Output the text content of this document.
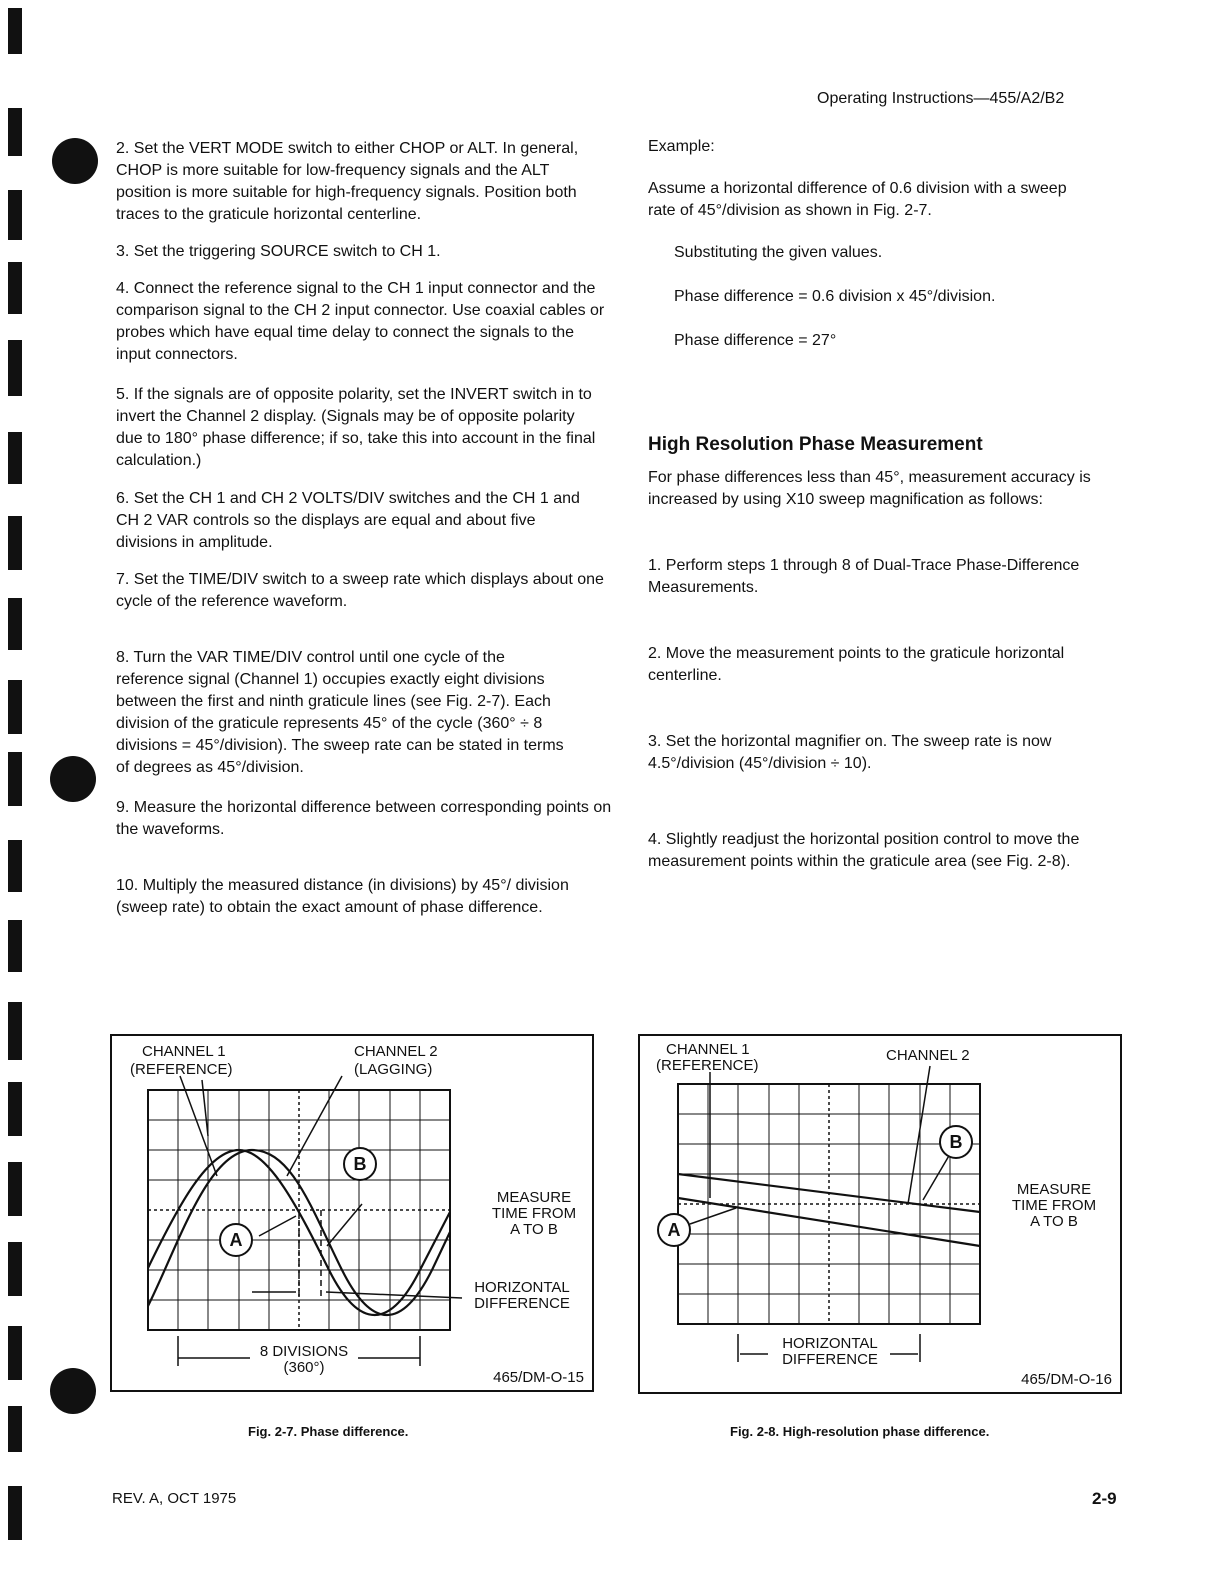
Operating Instructions—455/A2/B2

2. Set the VERT MODE switch to either CHOP or ALT. In general, CHOP is more suitable for low-frequency signals and the ALT position is more suitable for high-frequency signals. Position both traces to the graticule horizontal centerline.

3. Set the triggering SOURCE switch to CH 1.

4. Connect the reference signal to the CH 1 input connector and the comparison signal to the CH 2 input connector. Use coaxial cables or probes which have equal time delay to connect the signals to the input connectors.

5. If the signals are of opposite polarity, set the INVERT switch in to invert the Channel 2 display. (Signals may be of opposite polarity due to 180° phase difference; if so, take this into account in the final calculation.)

6. Set the CH 1 and CH 2 VOLTS/DIV switches and the CH 1 and CH 2 VAR controls so the displays are equal and about five divisions in amplitude.

7. Set the TIME/DIV switch to a sweep rate which displays about one cycle of the reference waveform.

8. Turn the VAR TIME/DIV control until one cycle of the reference signal (Channel 1) occupies exactly eight divisions between the first and ninth graticule lines (see Fig. 2-7). Each division of the graticule represents 45° of the cycle (360° ÷ 8 divisions = 45°/division). The sweep rate can be stated in terms of degrees as 45°/division.

9. Measure the horizontal difference between corresponding points on the waveforms.

10. Multiply the measured distance (in divisions) by 45°/ division (sweep rate) to obtain the exact amount of phase difference.

Example:

Assume a horizontal difference of 0.6 division with a sweep rate of 45°/division as shown in Fig. 2-7.

Substituting the given values.

Phase difference = 0.6 division x 45°/division.

Phase difference = 27°

High Resolution Phase Measurement

For phase differences less than 45°, measurement accuracy is increased by using X10 sweep magnification as follows:

1. Perform steps 1 through 8 of Dual-Trace Phase-Difference Measurements.

2. Move the measurement points to the graticule horizontal centerline.

3. Set the horizontal magnifier on. The sweep rate is now 4.5°/division (45°/division ÷ 10).

4. Slightly readjust the horizontal position control to move the measurement points within the graticule area (see Fig. 2-8).

CHANNEL 1
(REFERENCE)
CHANNEL 2
(LAGGING)
A
B
MEASURE
TIME FROM
A TO B
HORIZONTAL
DIFFERENCE
8 DIVISIONS
(360°)
465/DM-O-15
CHANNEL 1
(REFERENCE)
CHANNEL 2
A
B
MEASURE
TIME FROM
A TO B
HORIZONTAL
DIFFERENCE
465/DM-O-16
Fig. 2-7. Phase difference.	Fig. 2-8. High-resolution phase difference.
REV. A, OCT 1975	2-9
